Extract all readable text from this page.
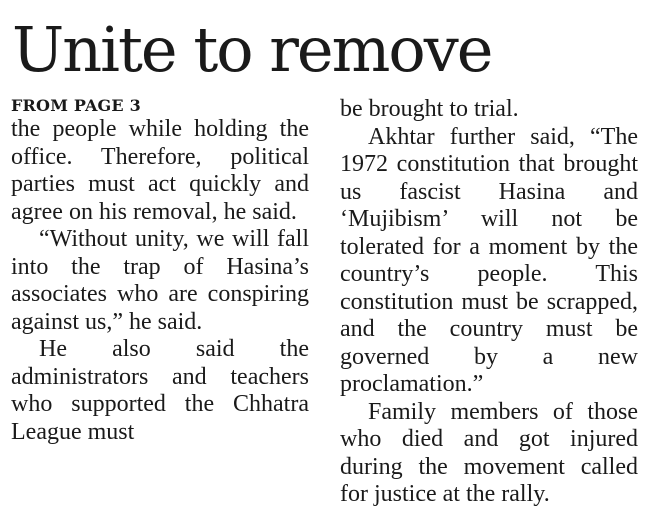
Unite to remove
FROM PAGE 3

the people while holding the office. Therefore, political parties must act quickly and agree on his removal, he said.

“Without unity, we will fall into the trap of Hasina’s associates who are conspiring against us,” he said.

He also said the administrators and teachers who supported the Chhatra League must

be brought to trial.

Akhtar further said, “The 1972 constitution that brought us fascist Hasina and ‘Mujibism’ will not be tolerated for a moment by the country’s people. This constitution must be scrapped, and the country must be governed by a new proclamation.”

Family members of those who died and got injured during the movement called for justice at the rally.
